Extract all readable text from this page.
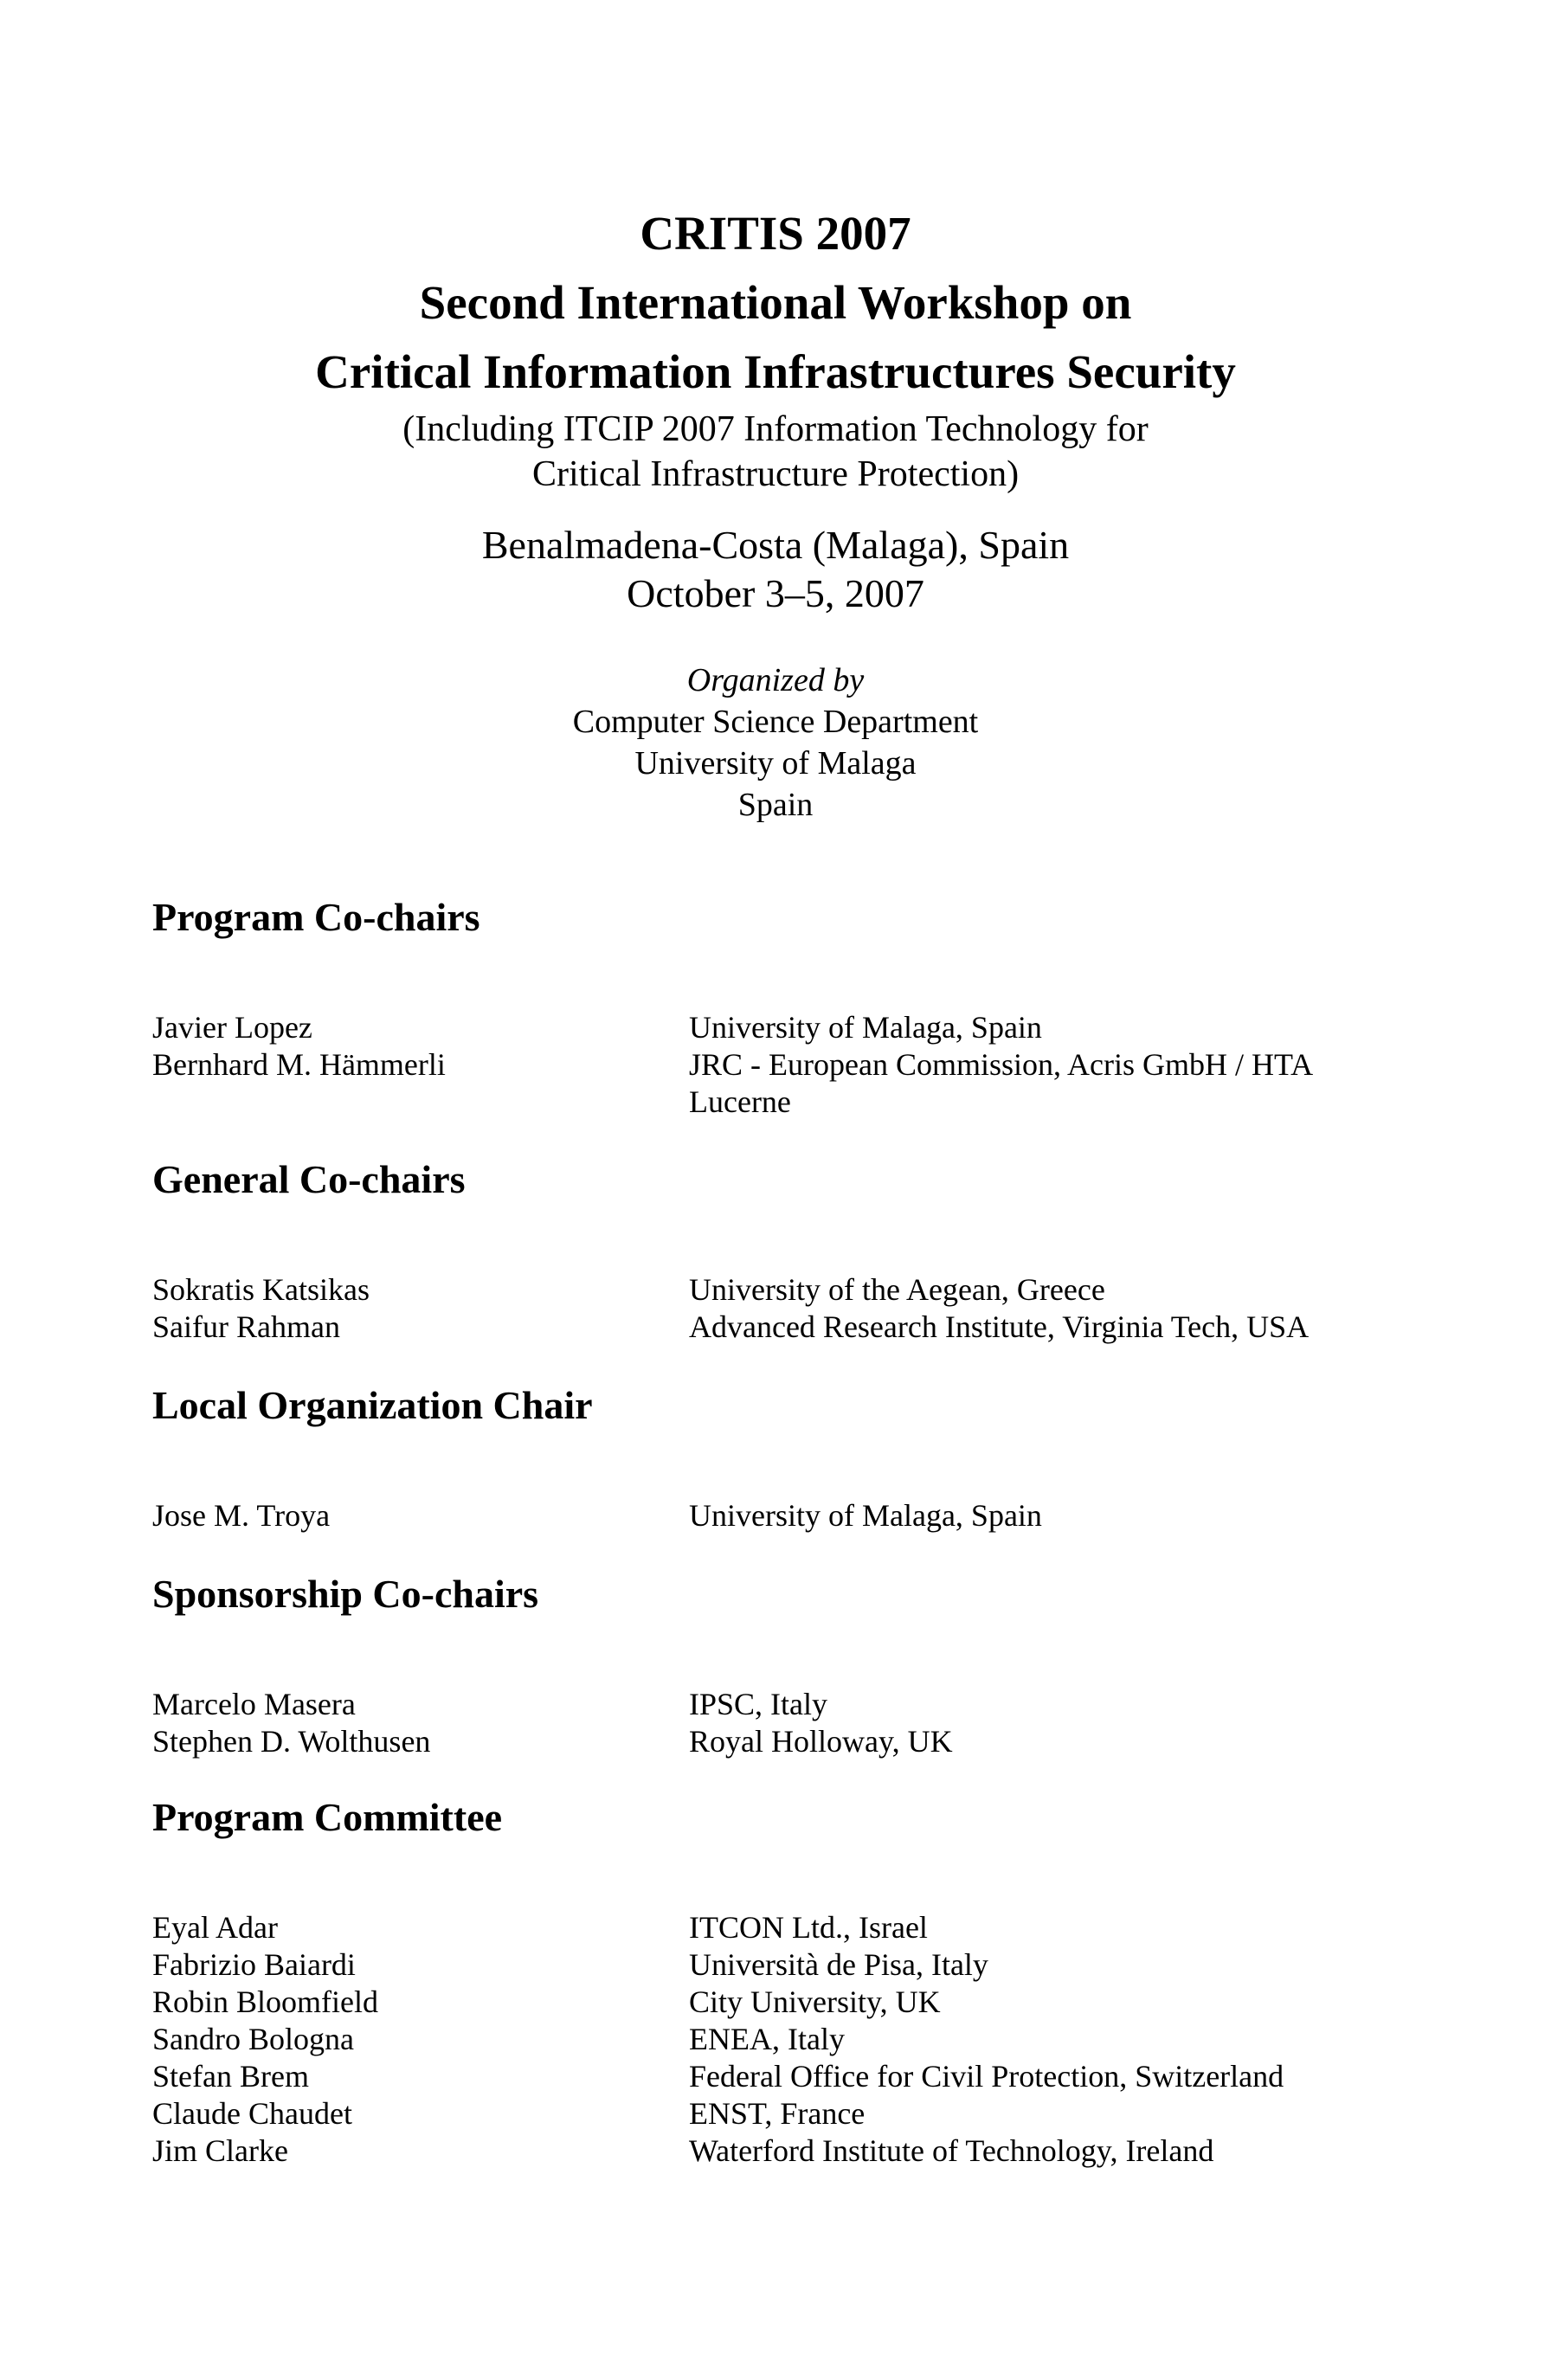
CRITIS 2007
Second International Workshop on
Critical Information Infrastructures Security
(Including ITCIP 2007 Information Technology for
Critical Infrastructure Protection)
Benalmadena-Costa (Malaga), Spain
October 3–5, 2007
Organized by
Computer Science Department
University of Malaga
Spain
Program Co-chairs
Javier Lopez	University of Malaga, Spain
Bernhard M. Hämmerli	JRC - European Commission, Acris GmbH / HTA
Lucerne
General Co-chairs
Sokratis Katsikas	University of the Aegean, Greece
Saifur Rahman	Advanced Research Institute, Virginia Tech, USA
Local Organization Chair
Jose M. Troya	University of Malaga, Spain
Sponsorship Co-chairs
Marcelo Masera	IPSC, Italy
Stephen D. Wolthusen	Royal Holloway, UK
Program Committee
Eyal Adar	ITCON Ltd., Israel
Fabrizio Baiardi	Università de Pisa, Italy
Robin Bloomfield	City University, UK
Sandro Bologna	ENEA, Italy
Stefan Brem	Federal Office for Civil Protection, Switzerland
Claude Chaudet	ENST, France
Jim Clarke	Waterford Institute of Technology, Ireland
